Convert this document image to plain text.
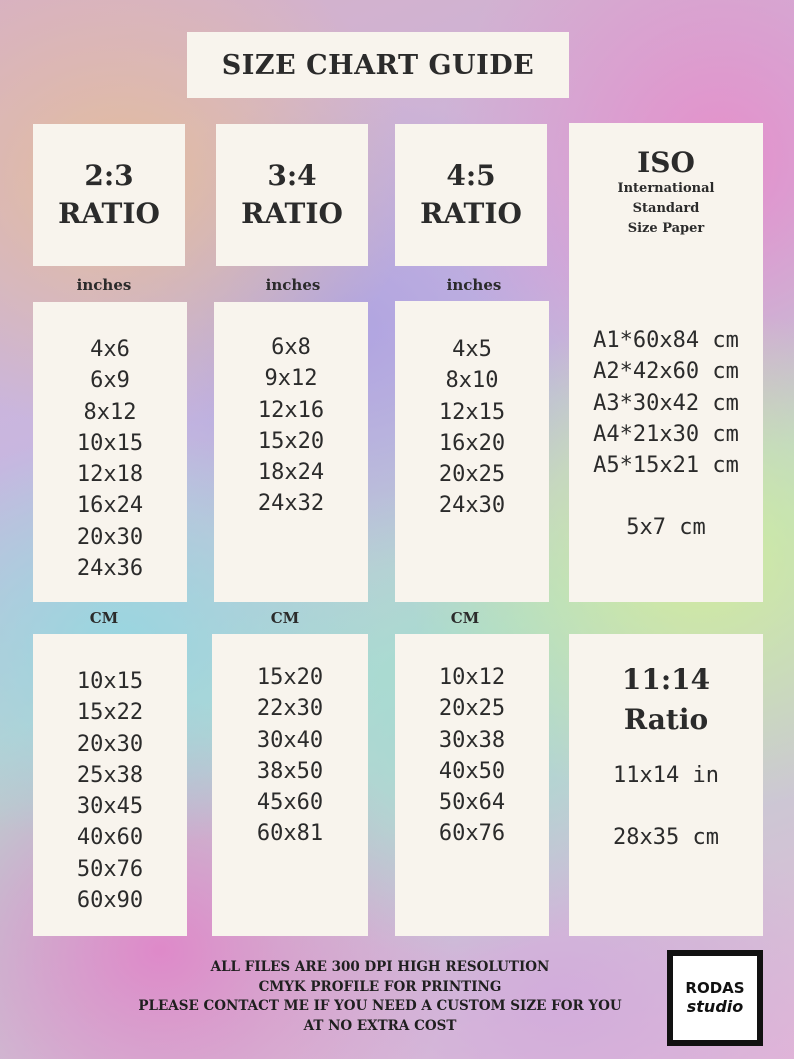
SIZE CHART GUIDE
2:3
RATIO
inches
4x6
6x9
8x12
10x15
12x18
16x24
20x30
24x36
CM
10x15
15x22
20x30
25x38
30x45
40x60
50x76
60x90
3:4
RATIO
inches
6x8
9x12
12x16
15x20
18x24
24x32
CM
15x20
22x30
30x40
38x50
45x60
60x81
4:5
RATIO
inches
4x5
8x10
12x15
16x20
20x25
24x30
CM
10x12
20x25
30x38
40x50
50x64
60x76
ISO
International
Standard
Size Paper
A1*60x84 cm
A2*42x60 cm
A3*30x42 cm
A4*21x30 cm
A5*15x21 cm
5x7 cm
11:14
Ratio
11x14 in
28x35 cm
ALL FILES ARE 300 DPI HIGH RESOLUTION
CMYK PROFILE FOR PRINTING
PLEASE CONTACT ME IF YOU NEED A CUSTOM SIZE FOR YOU
AT NO EXTRA COST
RODAS
studio
